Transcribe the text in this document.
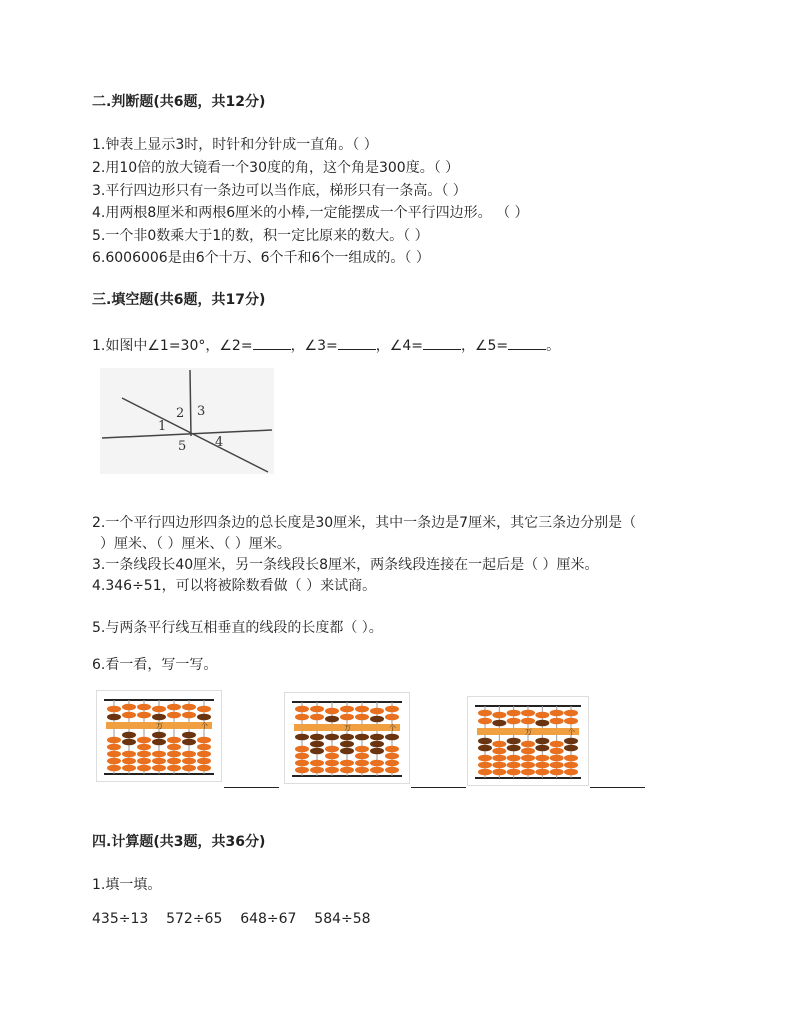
二.判断题(共6题，共12分)
1.钟表上显示3时，时针和分针成一直角。（ ）
2.用10倍的放大镜看一个30度的角，这个角是300度。（ ）
3.平行四边形只有一条边可以当作底，梯形只有一条高。（ ）
4.用两根8厘米和两根6厘米的小棒,一定能摆成一个平行四边形。 （ ）
5.一个非0数乘大于1的数，积一定比原来的数大。（ ）
6.6006006是由6个十万、6个千和6个一组成的。（ ）
三.填空题(共6题，共17分)
1.如图中∠1=30°，∠2=	，∠3=	，∠4=	，∠5=	。
1
2 3
4
5
2.一个平行四边形四条边的总长度是30厘米，其中一条边是7厘米，其它三条边分别是（
）厘米、（ ）厘米、（ ）厘米。
3.一条线段长40厘米，另一条线段长8厘米，两条线段连接在一起后是（ ）厘米。
4.346÷51，可以将被除数看做（ ）来试商。
5.与两条平行线互相垂直的线段的长度都（ ）。
6.看一看，写一写。
万	个	万	个	万	个
四.计算题(共3题，共36分)
1.填一填。
435÷13 572÷65 648÷67 584÷58
